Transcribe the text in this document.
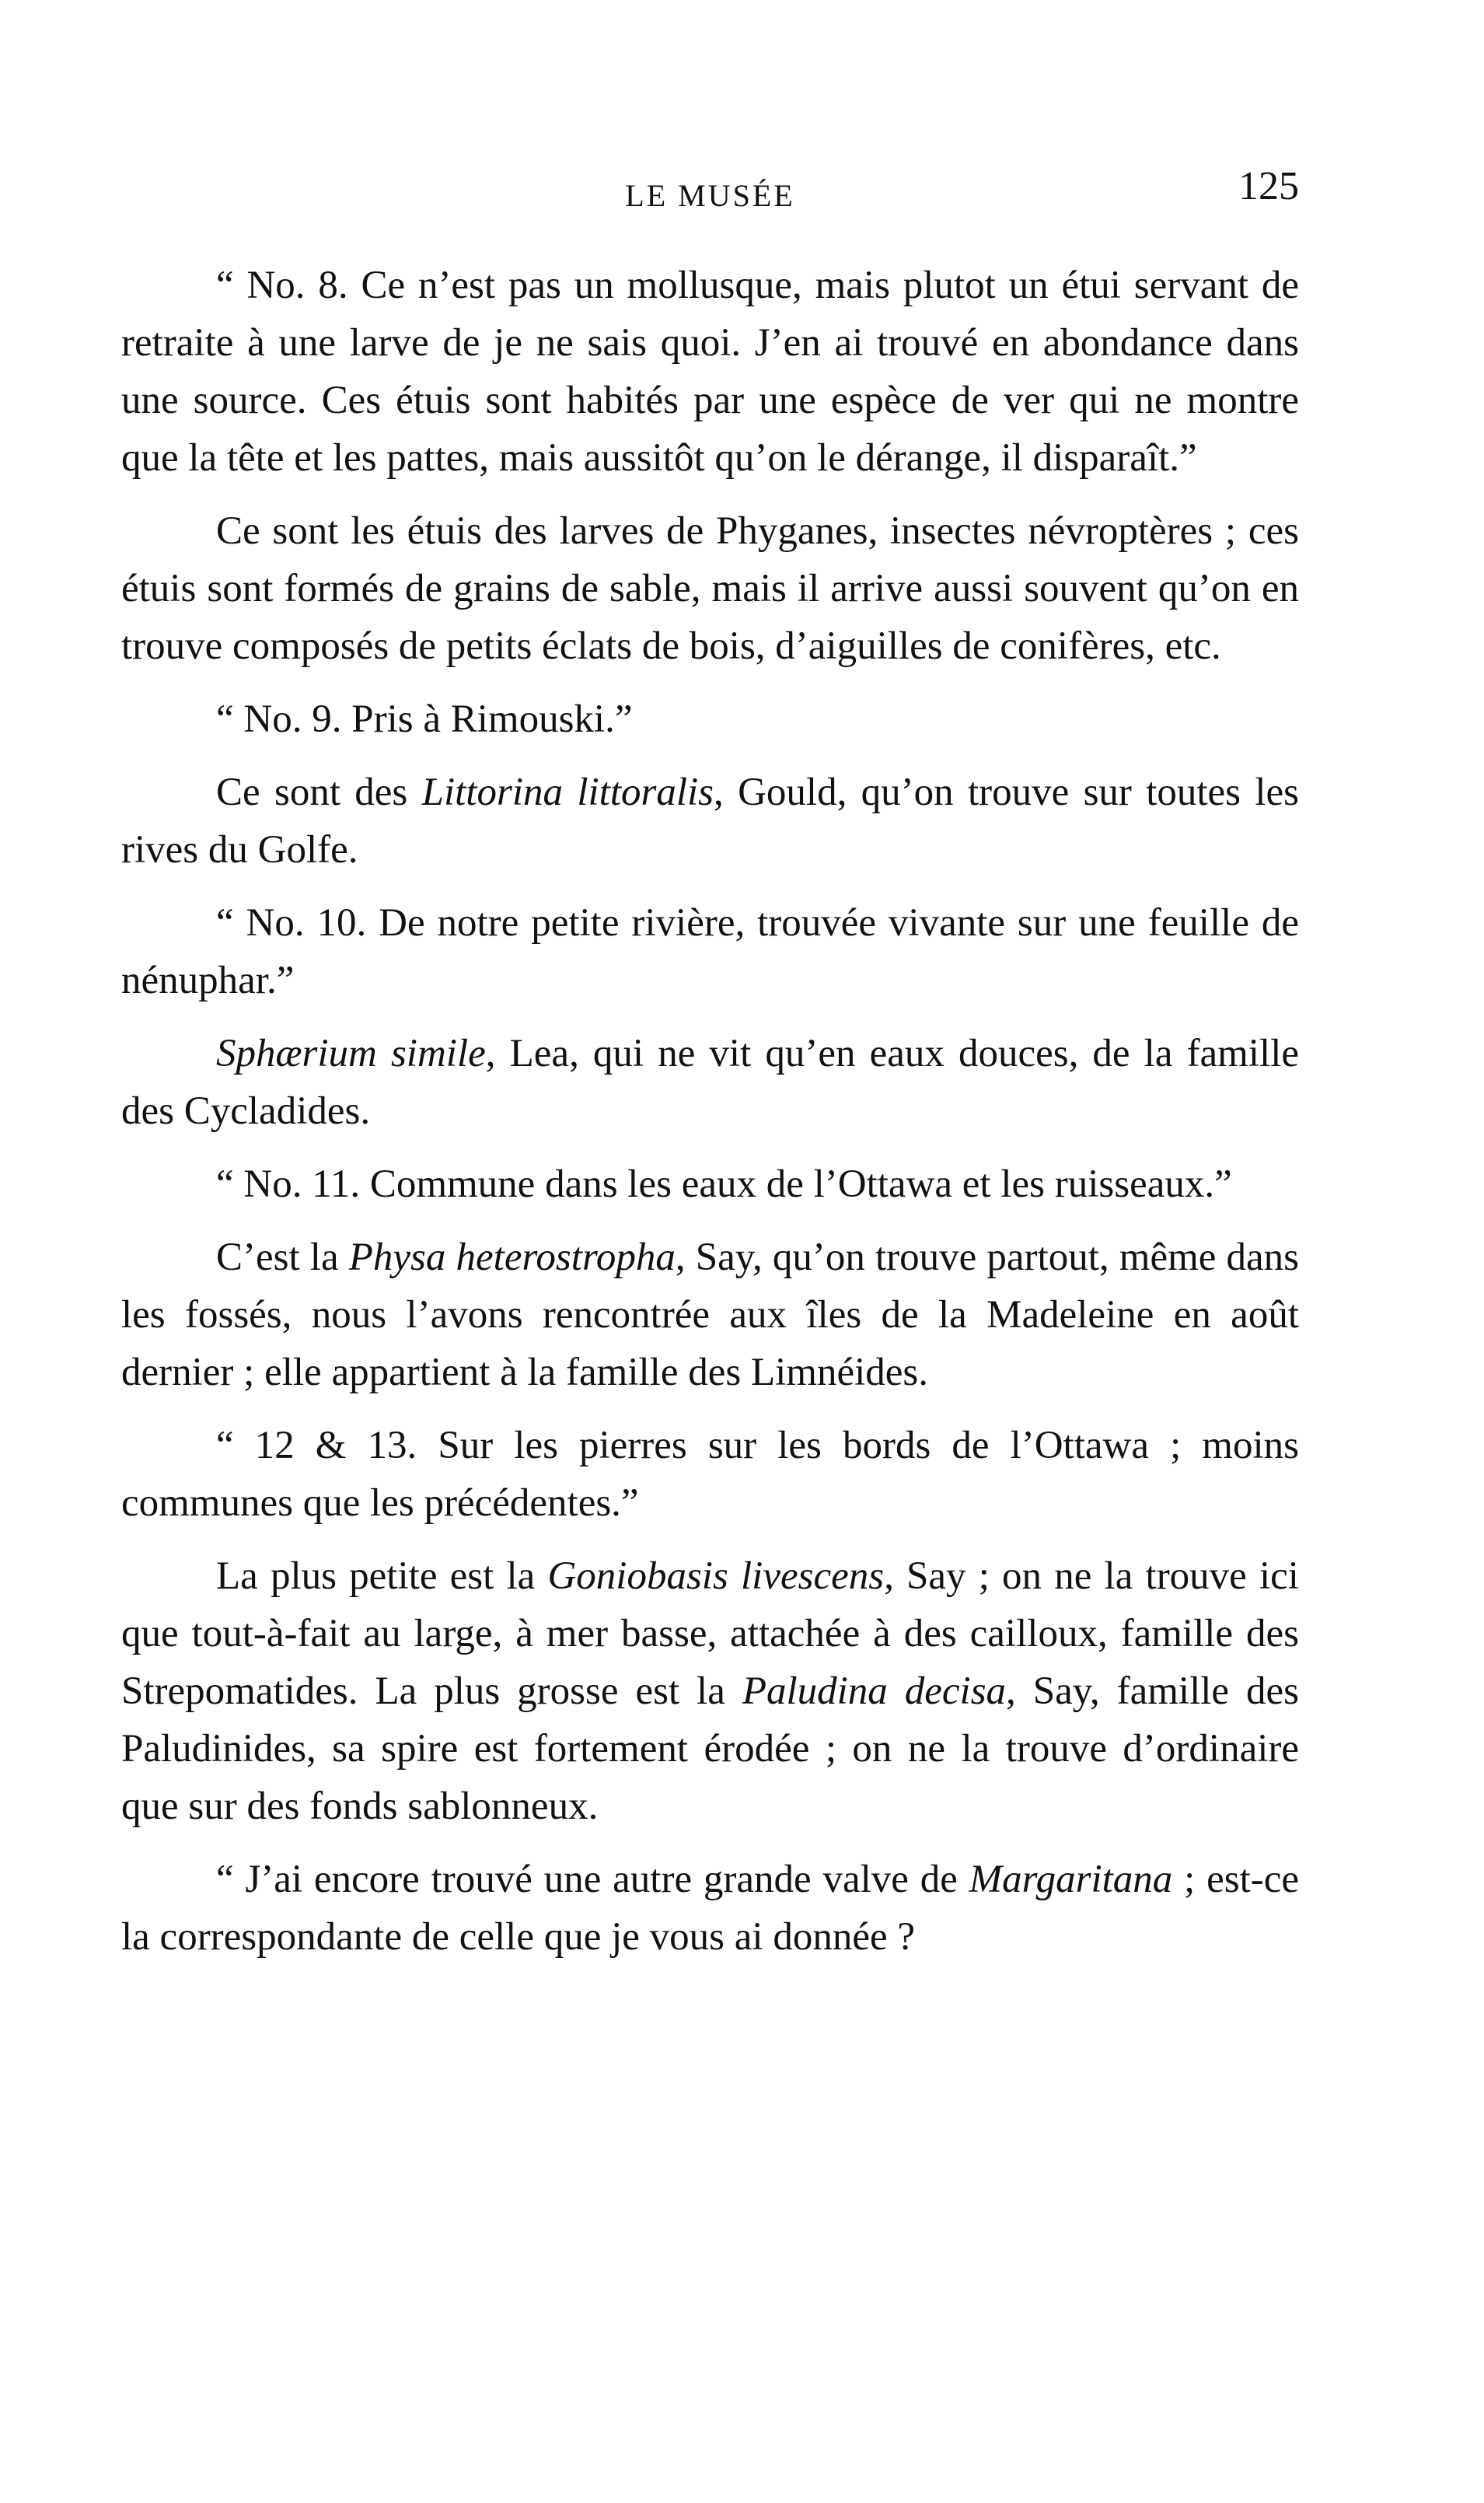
LE MUSÉE	125

“ No. 8. Ce n’est pas un mollusque, mais plutot un étui servant de retraite à une larve de je ne sais quoi. J’en ai trouvé en abondance dans une source. Ces étuis sont habités par une espèce de ver qui ne montre que la tête et les pattes, mais aussitôt qu’on le dérange, il disparaît.”

Ce sont les étuis des larves de Phyganes, insectes névroptères ; ces étuis sont formés de grains de sable, mais il arrive aussi souvent qu’on en trouve composés de petits éclats de bois, d’aiguilles de conifères, etc.

“ No. 9. Pris à Rimouski.”

Ce sont des Littorina littoralis, Gould, qu’on trouve sur toutes les rives du Golfe.

“ No. 10. De notre petite rivière, trouvée vivante sur une feuille de nénuphar.”

Sphærium simile, Lea, qui ne vit qu’en eaux douces, de la famille des Cycladides.

“ No. 11. Commune dans les eaux de l’Ottawa et les ruisseaux.”

C’est la Physa heterostropha, Say, qu’on trouve partout, même dans les fossés, nous l’avons rencontrée aux îles de la Madeleine en août dernier ; elle appartient à la famille des Limnéides.

“ 12 & 13. Sur les pierres sur les bords de l’Ottawa ; moins communes que les précédentes.”

La plus petite est la Goniobasis livescens, Say ; on ne la trouve ici que tout-à-fait au large, à mer basse, attachée à des cailloux, famille des Strepomatides. La plus grosse est la Paludina decisa, Say, famille des Paludinides, sa spire est fortement érodée ; on ne la trouve d’ordinaire que sur des fonds sablonneux.

“ J’ai encore trouvé une autre grande valve de Margaritana ; est-ce la correspondante de celle que je vous ai donnée ?
